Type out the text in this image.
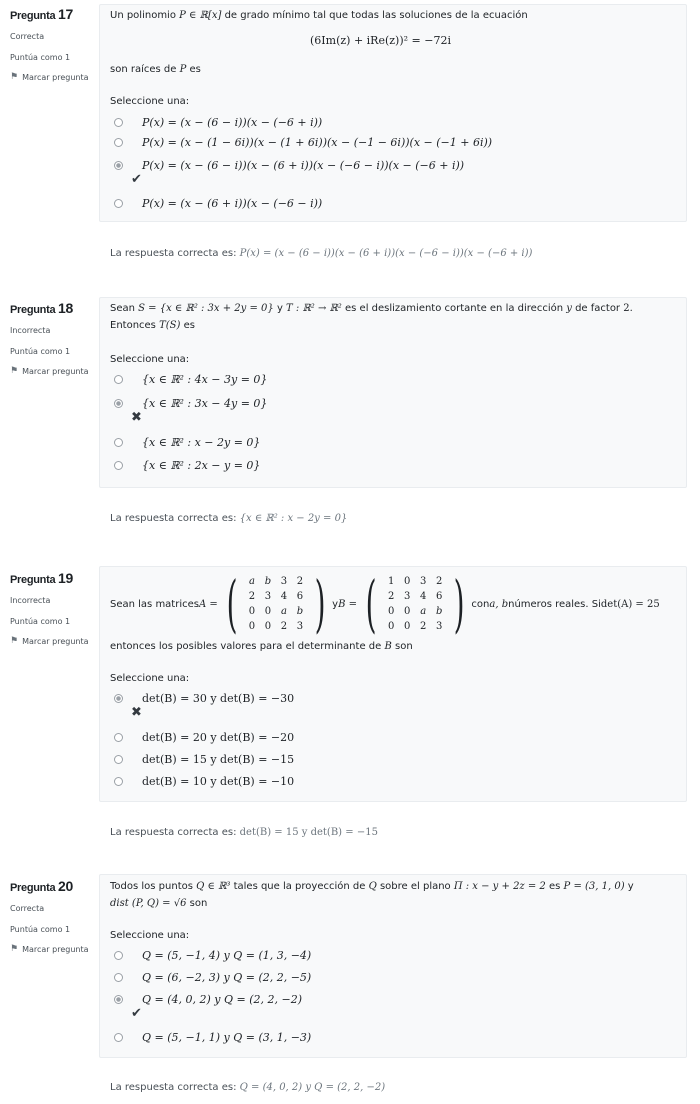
Pregunta 17
Correcta
Puntúa como 1
⚑ Marcar pregunta
Un polinomio P ∈ ℝ[x] de grado mínimo tal que todas las soluciones de la ecuación
(6Im(z) + iRe(z))² = −72i
son raíces de P es
Seleccione una:
P(x) = (x − (6 − i))(x − (−6 + i))
P(x) = (x − (1 − 6i))(x − (1 + 6i))(x − (−1 − 6i))(x − (−1 + 6i))
P(x) = (x − (6 − i))(x − (6 + i))(x − (−6 − i))(x − (−6 + i))
✔
P(x) = (x − (6 + i))(x − (−6 − i))
La respuesta correcta es: P(x) = (x − (6 − i))(x − (6 + i))(x − (−6 − i))(x − (−6 + i))
Pregunta 18
Incorrecta
Puntúa como 1
⚑ Marcar pregunta
Sean S = {x ∈ ℝ² : 3x + 2y = 0} y T : ℝ² → ℝ² es el deslizamiento cortante en la dirección y de factor 2.
Entonces T(S) es
Seleccione una:
{x ∈ ℝ² : 4x − 3y = 0}
{x ∈ ℝ² : 3x − 4y = 0}
✖
{x ∈ ℝ² : x − 2y = 0}
{x ∈ ℝ² : 2x − y = 0}
La respuesta correcta es: {x ∈ ℝ² : x − 2y = 0}
Pregunta 19
Incorrecta
Puntúa como 1
⚑ Marcar pregunta
Sean las matrices A = (	a b 3 2
2 3 4 6
0 0 a b
0 0 2 3 ) y B = (	1 0 3 2
2 3 4 6
0 0 a b
0 0 2 3 ) con a, b números reales. Si det(A) = 25
entonces los posibles valores para el determinante de B son
Seleccione una:
det(B) = 30 y det(B) = −30
✖
det(B) = 20 y det(B) = −20
det(B) = 15 y det(B) = −15
det(B) = 10 y det(B) = −10
La respuesta correcta es: det(B) = 15 y det(B) = −15
Pregunta 20
Correcta
Puntúa como 1
⚑ Marcar pregunta
Todos los puntos Q ∈ ℝ³ tales que la proyección de Q sobre el plano Π : x − y + 2z = 2 es P = (3, 1, 0) y
dist (P, Q) = √6 son
Seleccione una:
Q = (5, −1, 4) y Q = (1, 3, −4)
Q = (6, −2, 3) y Q = (2, 2, −5)
Q = (4, 0, 2) y Q = (2, 2, −2)
✔
Q = (5, −1, 1) y Q = (3, 1, −3)
La respuesta correcta es: Q = (4, 0, 2) y Q = (2, 2, −2)
